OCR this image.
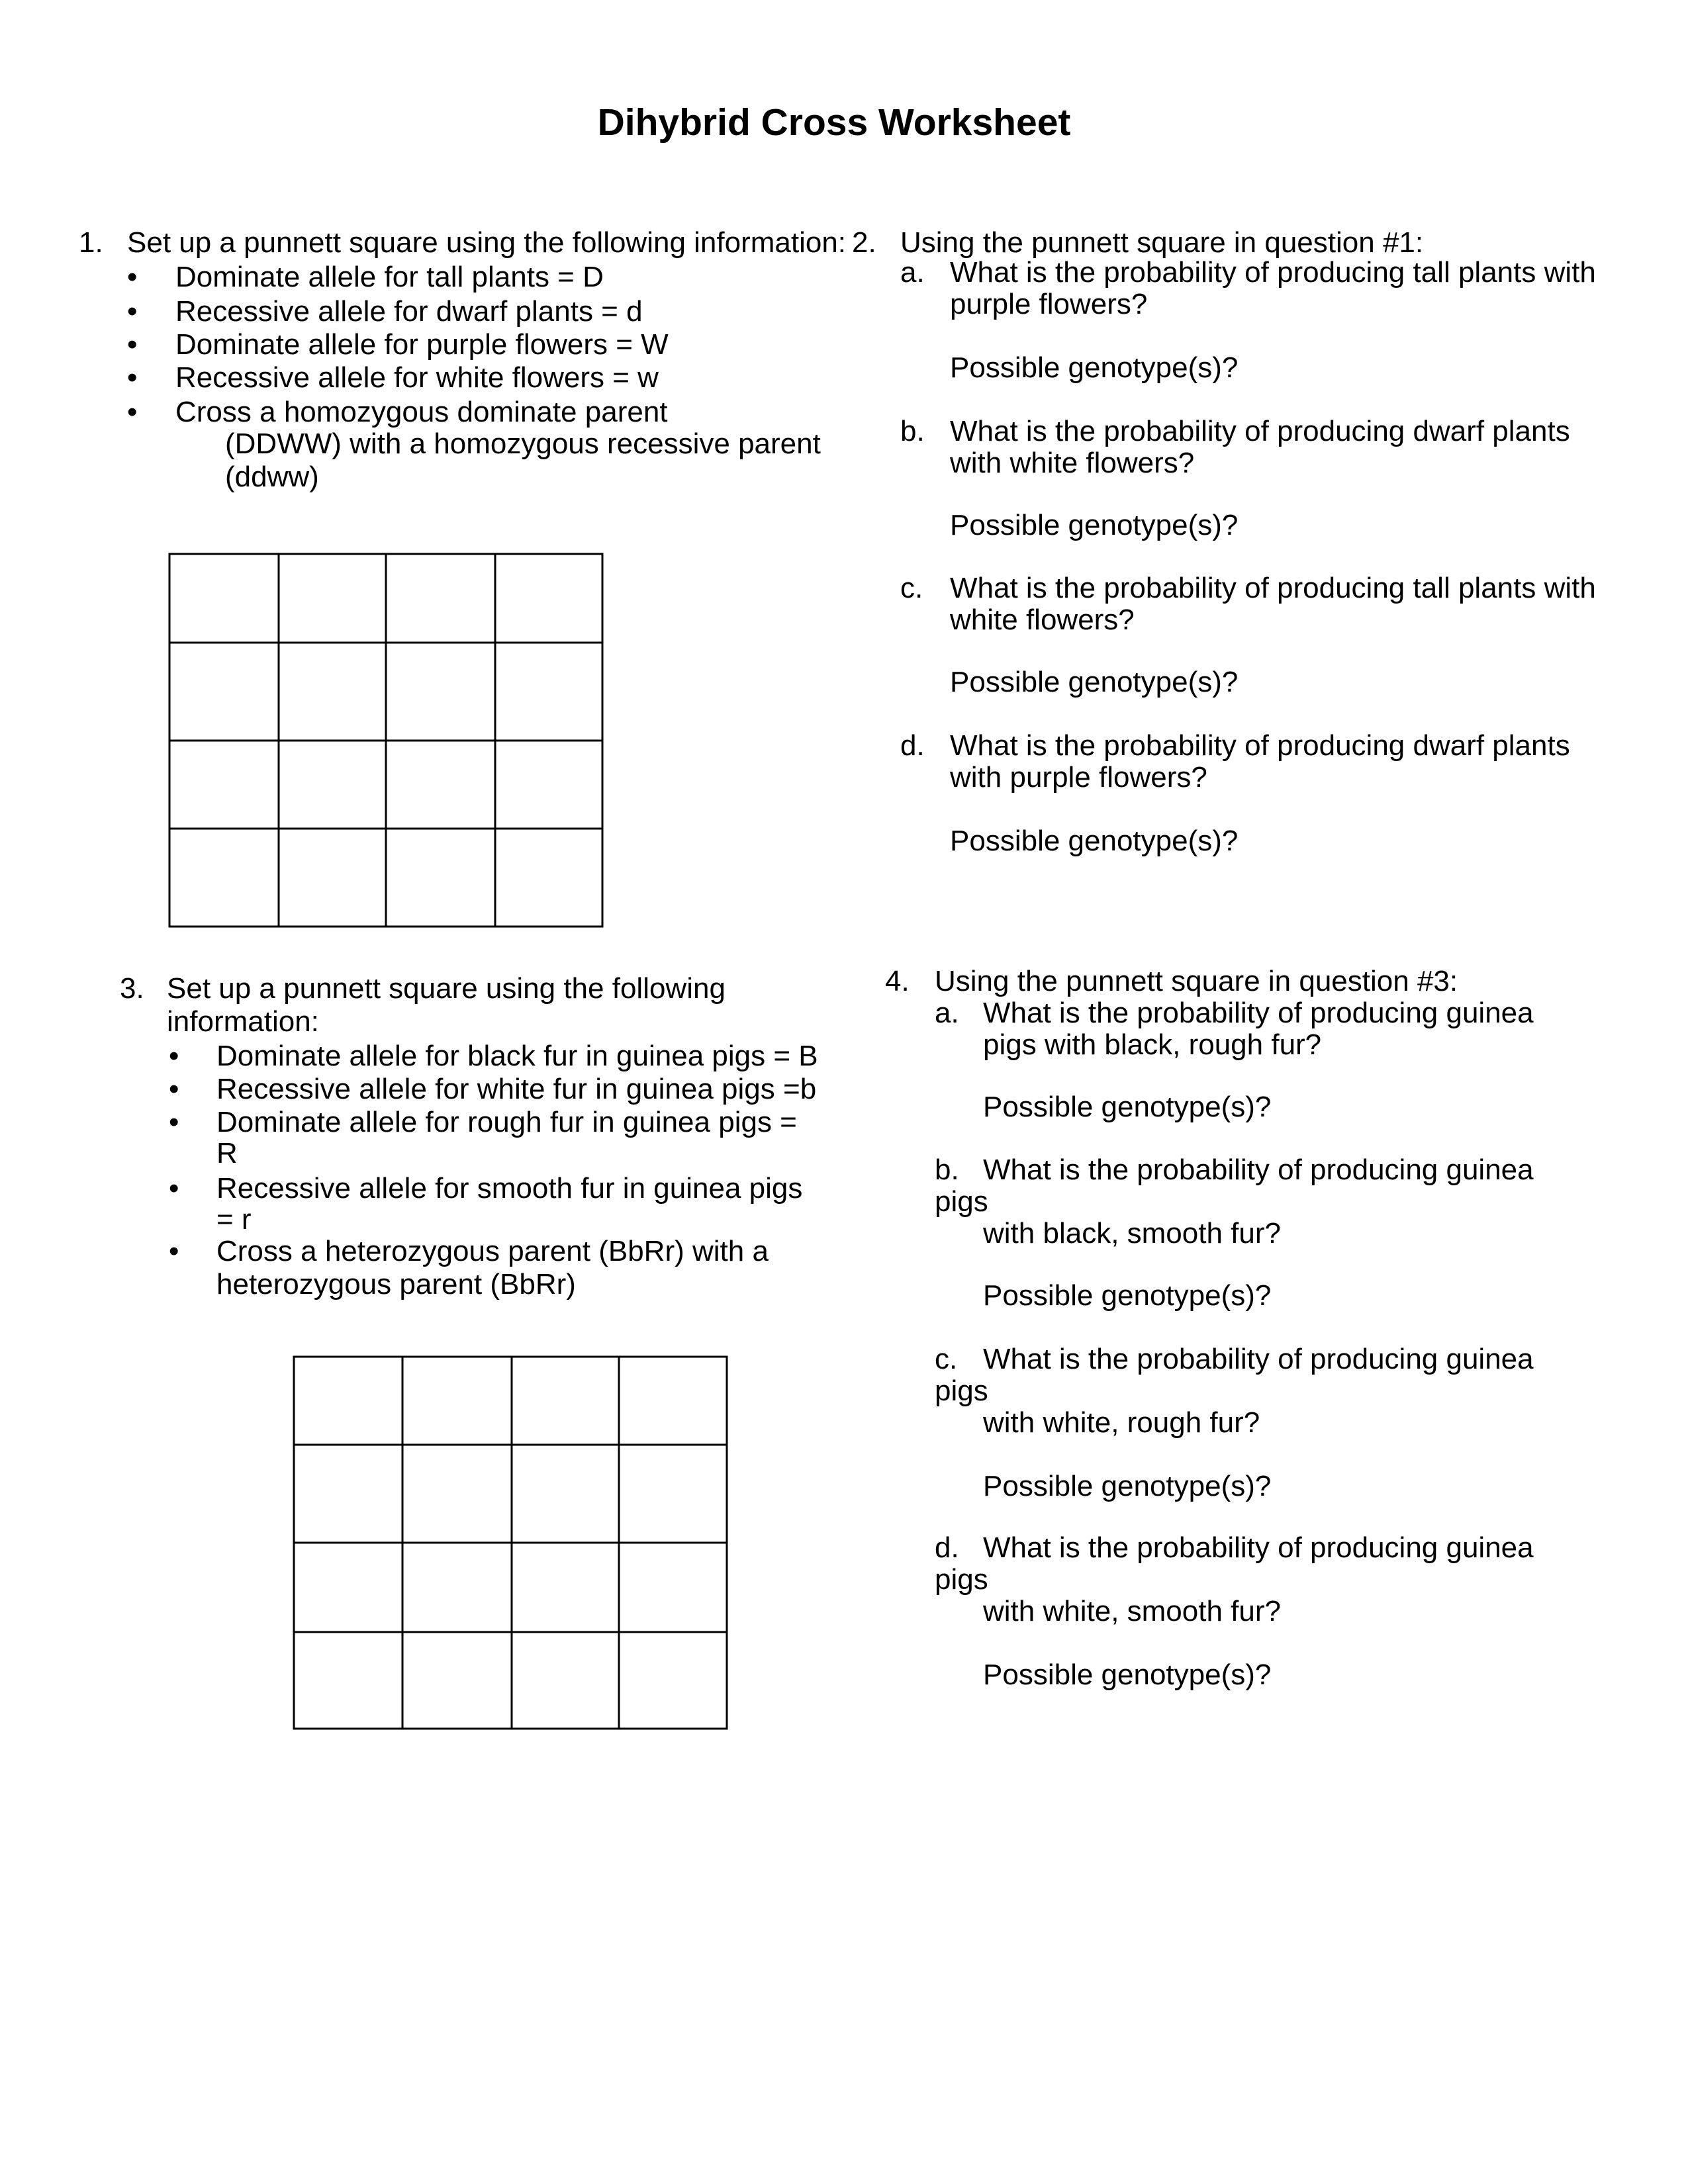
Dihybrid Cross Worksheet
1. Set up a punnett square using the following information:
• Dominate allele for tall plants = D
• Recessive allele for dwarf plants = d
• Dominate allele for purple flowers = W
• Recessive allele for white flowers = w
• Cross a homozygous dominate parent
(DDWW) with a homozygous recessive parent
(ddww)
2. Using the punnett square in question #1:
a. What is the probability of producing tall plants with
purple flowers?
Possible genotype(s)?
b. What is the probability of producing dwarf plants
with white flowers?
Possible genotype(s)?
c. What is the probability of producing tall plants with
white flowers?
Possible genotype(s)?
d. What is the probability of producing dwarf plants
with purple flowers?
Possible genotype(s)?
3. Set up a punnett square using the following
information:
• Dominate allele for black fur in guinea pigs = B
• Recessive allele for white fur in guinea pigs =b
• Dominate allele for rough fur in guinea pigs =
R
• Recessive allele for smooth fur in guinea pigs
= r
• Cross a heterozygous parent (BbRr) with a
heterozygous parent (BbRr)
4. Using the punnett square in question #3:
a. What is the probability of producing guinea
pigs with black, rough fur?
Possible genotype(s)?
b. What is the probability of producing guinea
pigs
with black, smooth fur?
Possible genotype(s)?
c. What is the probability of producing guinea
pigs
with white, rough fur?
Possible genotype(s)?
d. What is the probability of producing guinea
pigs
with white, smooth fur?
Possible genotype(s)?
